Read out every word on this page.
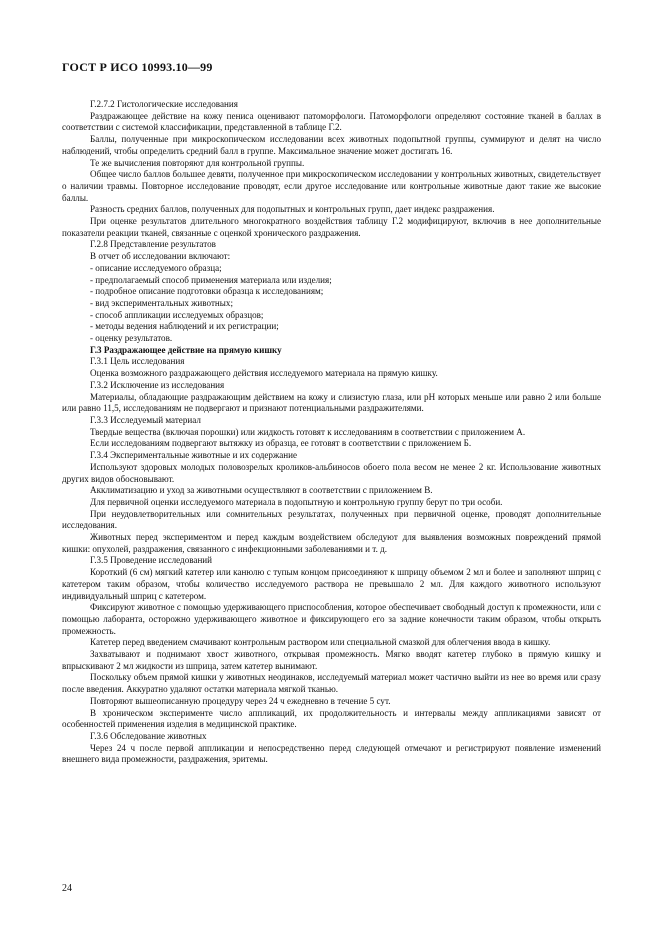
ГОСТ Р ИСО 10993.10—99
Г.2.7.2 Гистологические исследования
Раздражающее действие на кожу пениса оценивают патоморфологи. Патоморфологи определяют состояние тканей в баллах в соответствии с системой классификации, представленной в таблице Г.2.
Баллы, полученные при микроскопическом исследовании всех животных подопытной группы, суммируют и делят на число наблюдений, чтобы определить средний балл в группе. Максимальное значение может достигать 16.
Те же вычисления повторяют для контрольной группы.
Общее число баллов большее девяти, полученное при микроскопическом исследовании у контрольных животных, свидетельствует о наличии травмы. Повторное исследование проводят, если другое исследование или контрольные животные дают такие же высокие баллы.
Разность средних баллов, полученных для подопытных и контрольных групп, дает индекс раздражения.
При оценке результатов длительного многократного воздействия таблицу Г.2 модифицируют, включив в нее дополнительные показатели реакции тканей, связанные с оценкой хронического раздражения.
Г.2.8 Представление результатов
В отчет об исследовании включают:
- описание исследуемого образца;
- предполагаемый способ применения материала или изделия;
- подробное описание подготовки образца к исследованиям;
- вид экспериментальных животных;
- способ аппликации исследуемых образцов;
- методы ведения наблюдений и их регистрации;
- оценку результатов.
Г.3 Раздражающее действие на прямую кишку
Г.3.1 Цель исследования
Оценка возможного раздражающего действия исследуемого материала на прямую кишку.
Г.3.2 Исключение из исследования
Материалы, обладающие раздражающим действием на кожу и слизистую глаза, или pH которых меньше или равно 2 или больше или равно 11,5, исследованиям не подвергают и признают потенциальными раздражителями.
Г.3.3 Исследуемый материал
Твердые вещества (включая порошки) или жидкость готовят к исследованиям в соответствии с приложением А.
Если исследованиям подвергают вытяжку из образца, ее готовят в соответствии с приложением Б.
Г.3.4 Экспериментальные животные и их содержание
Используют здоровых молодых половозрелых кроликов-альбиносов обоего пола весом не менее 2 кг. Использование животных других видов обосновывают.
Акклиматизацию и уход за животными осуществляют в соответствии с приложением В.
Для первичной оценки исследуемого материала в подопытную и контрольную группу берут по три особи.
При неудовлетворительных или сомнительных результатах, полученных при первичной оценке, проводят дополнительные исследования.
Животных перед экспериментом и перед каждым воздействием обследуют для выявления возможных повреждений прямой кишки: опухолей, раздражения, связанного с инфекционными заболеваниями и т. д.
Г.3.5 Проведение исследований
Короткий (6 см) мягкий катетер или канюлю с тупым концом присоединяют к шприцу объемом 2 мл и более и заполняют шприц с катетером таким образом, чтобы количество исследуемого раствора не превышало 2 мл. Для каждого животного используют индивидуальный шприц с катетером.
Фиксируют животное с помощью удерживающего приспособления, которое обеспечивает свободный доступ к промежности, или с помощью лаборанта, осторожно удерживающего животное и фиксирующего его за задние конечности таким образом, чтобы открыть промежность.
Катетер перед введением смачивают контрольным раствором или специальной смазкой для облегчения ввода в кишку.
Захватывают и поднимают хвост животного, открывая промежность. Мягко вводят катетер глубоко в прямую кишку и впрыскивают 2 мл жидкости из шприца, затем катетер вынимают.
Поскольку объем прямой кишки у животных неодинаков, исследуемый материал может частично выйти из нее во время или сразу после введения. Аккуратно удаляют остатки материала мягкой тканью.
Повторяют вышеописанную процедуру через 24 ч ежедневно в течение 5 сут.
В хроническом эксперименте число аппликаций, их продолжительность и интервалы между аппликациями зависят от особенностей применения изделия в медицинской практике.
Г.3.6 Обследование животных
Через 24 ч после первой аппликации и непосредственно перед следующей отмечают и регистрируют появление изменений внешнего вида промежности, раздражения, эритемы.
24
